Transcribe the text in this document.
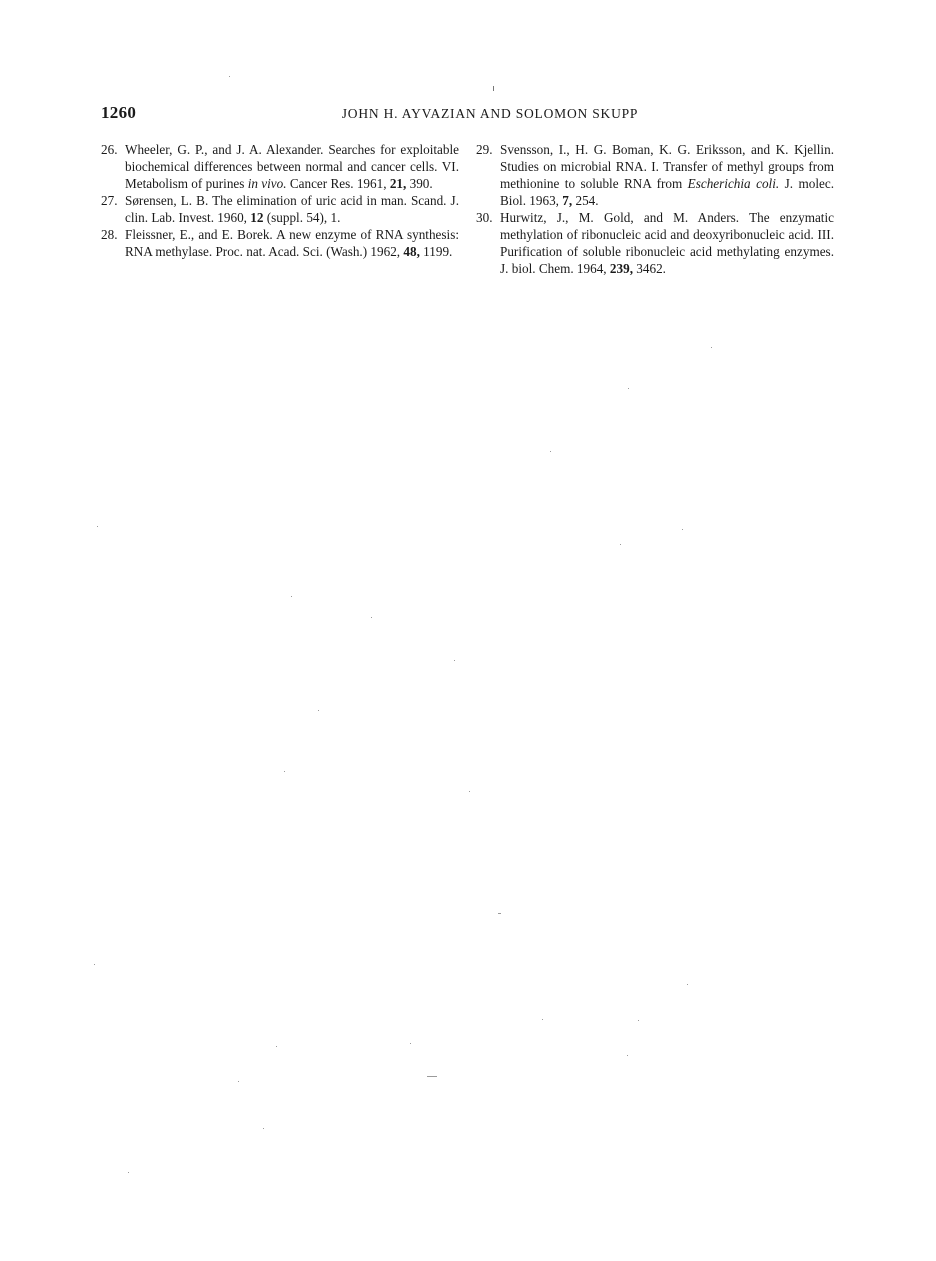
1260	JOHN H. AYVAZIAN AND SOLOMON SKUPP
26. Wheeler, G. P., and J. A. Alexander. Searches for exploitable biochemical differences between normal and cancer cells. VI. Metabolism of purines in vivo. Cancer Res. 1961, 21, 390.
27. Sørensen, L. B. The elimination of uric acid in man. Scand. J. clin. Lab. Invest. 1960, 12 (suppl. 54), 1.
28. Fleissner, E., and E. Borek. A new enzyme of RNA synthesis: RNA methylase. Proc. nat. Acad. Sci. (Wash.) 1962, 48, 1199.
29. Svensson, I., H. G. Boman, K. G. Eriksson, and K. Kjellin. Studies on microbial RNA. I. Transfer of methyl groups from methionine to soluble RNA from Escherichia coli. J. molec. Biol. 1963, 7, 254.
30. Hurwitz, J., M. Gold, and M. Anders. The enzymatic methylation of ribonucleic acid and deoxyribonucleic acid. III. Purification of soluble ribonucleic acid methylating enzymes. J. biol. Chem. 1964, 239, 3462.
